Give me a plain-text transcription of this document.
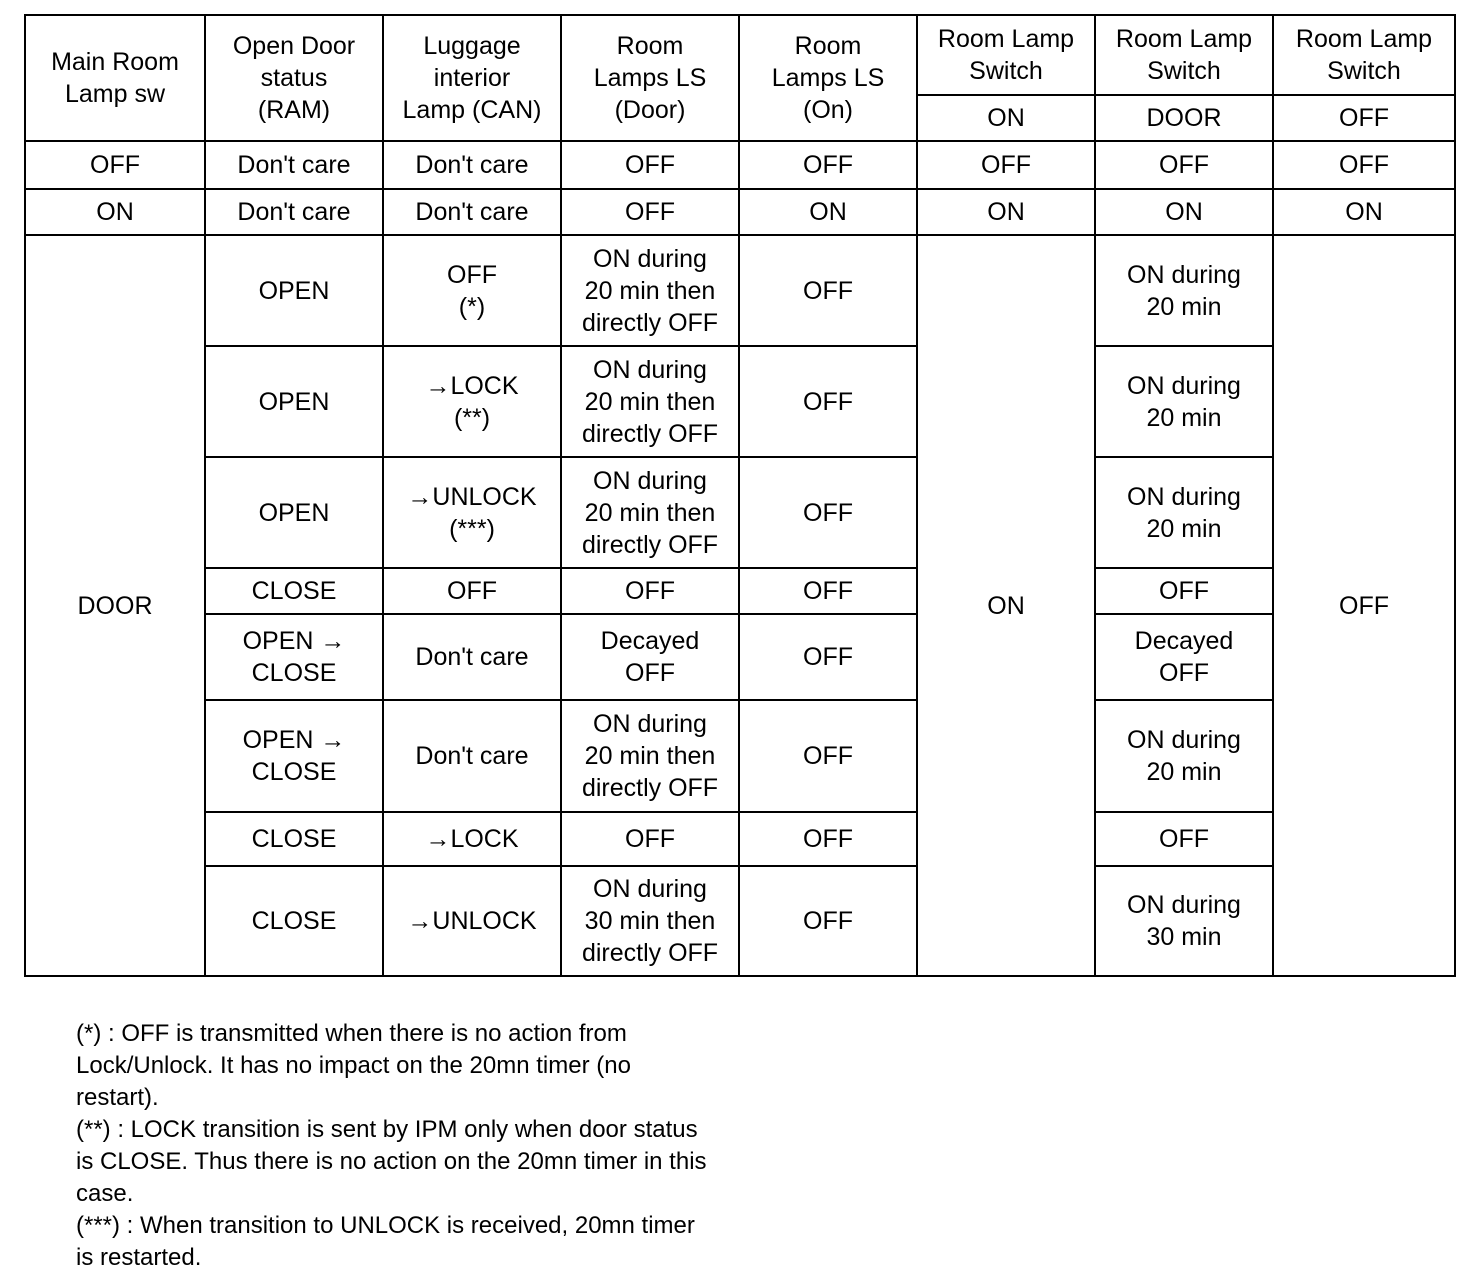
Main Room
Lamp sw	Open Door
status
(RAM)	Luggage
interior
Lamp (CAN)	Room
Lamps LS
(Door)	Room
Lamps LS
(On)	Room Lamp
Switch	Room Lamp
Switch	Room Lamp
Switch
					ON	DOOR	OFF
OFF	Don't care	Don't care	OFF	OFF	OFF	OFF	OFF
ON	Don't care	Don't care	OFF	ON	ON	ON	ON
DOOR	OPEN	OFF
(*)	ON during
20 min then
directly OFF	OFF	ON	ON during
20 min	OFF
	OPEN	→LOCK
(**)	ON during
20 min then
directly OFF	OFF		ON during
20 min	
	OPEN	→UNLOCK
(***)	ON during
20 min then
directly OFF	OFF		ON during
20 min	
	CLOSE	OFF	OFF	OFF		OFF	
	OPEN →
CLOSE	Don't care	Decayed
OFF	OFF		Decayed
OFF	
	OPEN →
CLOSE	Don't care	ON during
20 min then
directly OFF	OFF		ON during
20 min	
	CLOSE	→LOCK	OFF	OFF		OFF	
	CLOSE	→UNLOCK	ON during
30 min then
directly OFF	OFF		ON during
30 min	

(*) : OFF is transmitted when there is no action from Lock/Unlock. It has no impact on the 20mn timer (no restart).

(**) : LOCK transition is sent by IPM only when door status is CLOSE. Thus there is no action on the 20mn timer in this case.

(***) : When transition to UNLOCK is received, 20mn timer is restarted.
